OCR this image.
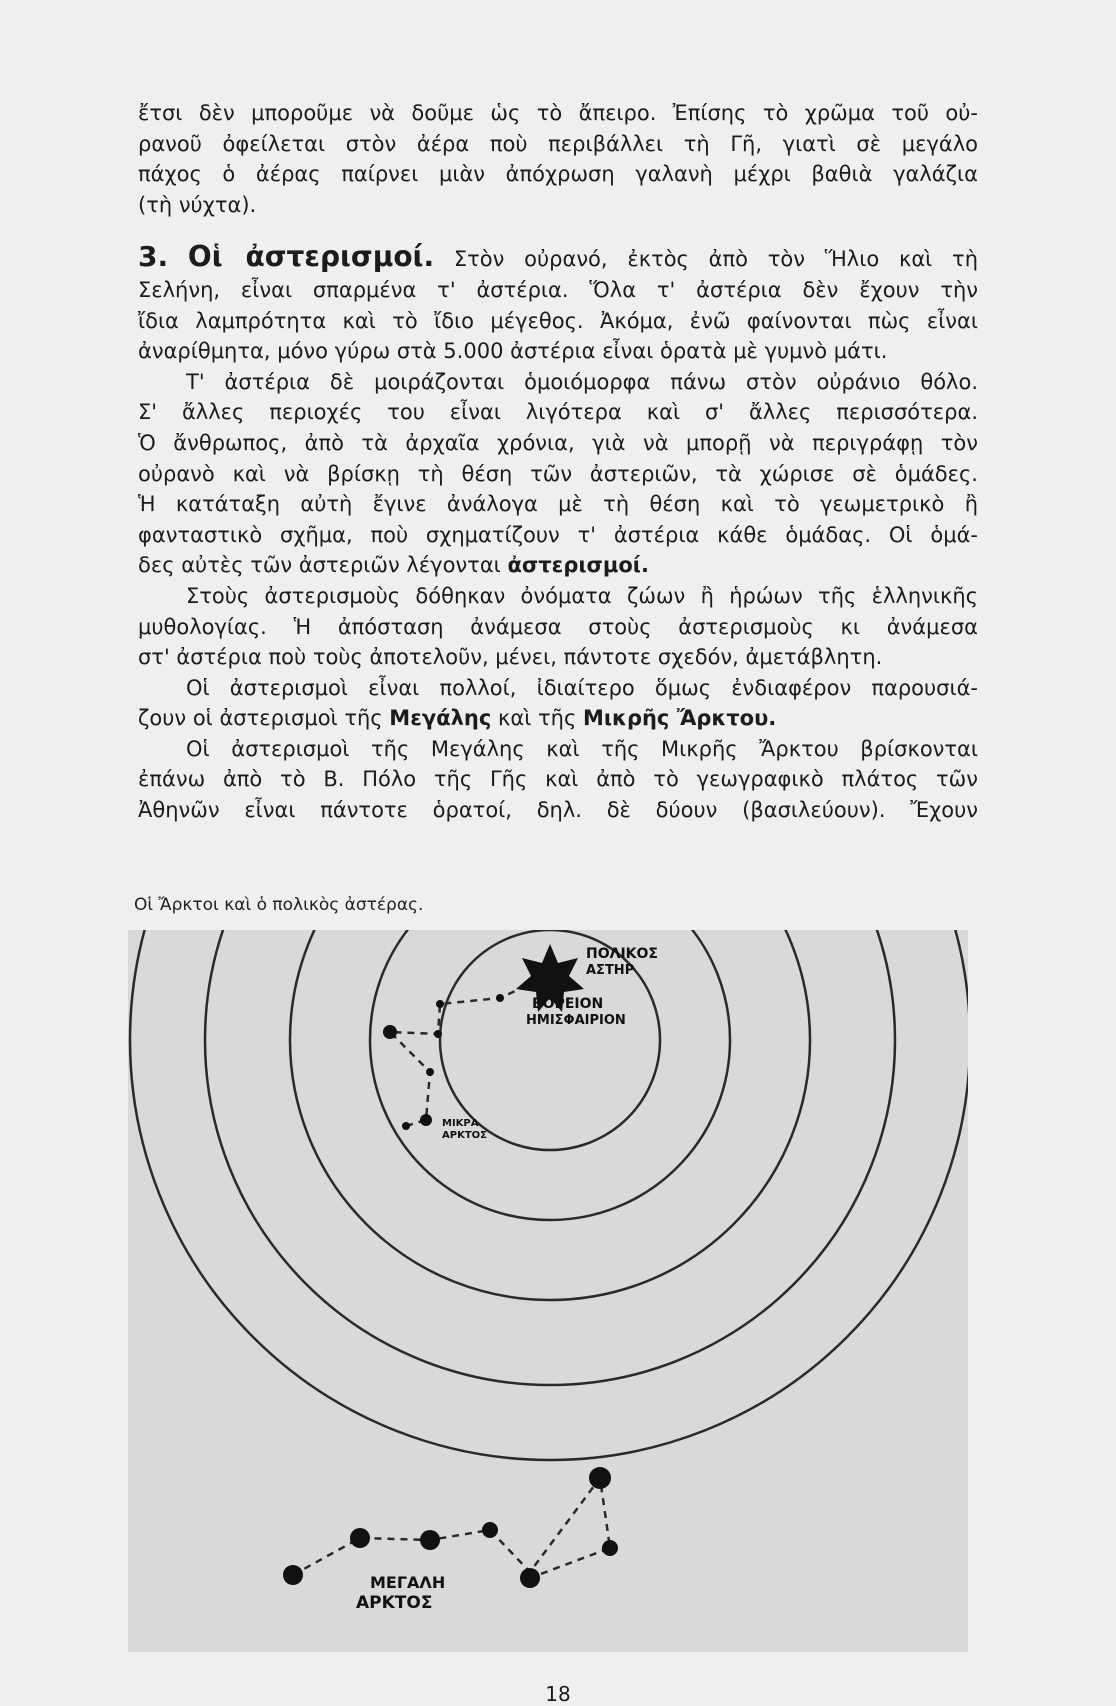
ἔτσι δὲν μποροῦμε νὰ δοῦμε ὡς τὸ ἄπειρο. Ἐπίσης τὸ χρῶμα τοῦ οὐ-

ρανοῦ ὀφείλεται στὸν ἀέρα ποὺ περιβάλλει τὴ Γῆ, γιατὶ σὲ μεγάλο

πάχος ὁ ἀέρας παίρνει μιὰν ἀπόχρωση γαλανὴ μέχρι βαθιὰ γαλάζια

(τὴ νύχτα).

3. Οἱ ἀστερισμοί. Στὸν οὐρανό, ἐκτὸς ἀπὸ τὸν Ἥλιο καὶ τὴ

Σελήνη, εἶναι σπαρμένα τ' ἀστέρια. Ὅλα τ' ἀστέρια δὲν ἔχουν τὴν

ἴδια λαμπρότητα καὶ τὸ ἴδιο μέγεθος. Ἀκόμα, ἐνῶ φαίνονται πὼς εἶναι

ἀναρίθμητα, μόνο γύρω στὰ 5.000 ἀστέρια εἶναι ὁρατὰ μὲ γυμνὸ μάτι.

Τ' ἀστέρια δὲ μοιράζονται ὁμοιόμορφα πάνω στὸν οὐράνιο θόλο.

Σ' ἄλλες περιοχές του εἶναι λιγότερα καὶ σ' ἄλλες περισσότερα.

Ὁ ἄνθρωπος, ἀπὸ τὰ ἀρχαῖα χρόνια, γιὰ νὰ μπορῇ νὰ περιγράφῃ τὸν

οὐρανὸ καὶ νὰ βρίσκῃ τὴ θέση τῶν ἀστεριῶν, τὰ χώρισε σὲ ὁμάδες.

Ἡ κατάταξη αὐτὴ ἔγινε ἀνάλογα μὲ τὴ θέση καὶ τὸ γεωμετρικὸ ἢ

φανταστικὸ σχῆμα, ποὺ σχηματίζουν τ' ἀστέρια κάθε ὁμάδας. Οἱ ὁμά-

δες αὐτὲς τῶν ἀστεριῶν λέγονται ἀστερισμοί.

Στοὺς ἀστερισμοὺς δόθηκαν ὀνόματα ζώων ἢ ἡρώων τῆς ἑλληνικῆς

μυθολογίας. Ἡ ἀπόσταση ἀνάμεσα στοὺς ἀστερισμοὺς κι ἀνάμεσα

στ' ἀστέρια ποὺ τοὺς ἀποτελοῦν, μένει, πάντοτε σχεδόν, ἀμετάβλητη.

Οἱ ἀστερισμοὶ εἶναι πολλοί, ἰδιαίτερο ὅμως ἐνδιαφέρον παρουσιά-

ζουν οἱ ἀστερισμοὶ τῆς Μεγάλης καὶ τῆς Μικρῆς Ἄρκτου.

Οἱ ἀστερισμοὶ τῆς Μεγάλης καὶ τῆς Μικρῆς Ἄρκτου βρίσκονται

ἐπάνω ἀπὸ τὸ Β. Πόλο τῆς Γῆς καὶ ἀπὸ τὸ γεωγραφικὸ πλάτος τῶν

Ἀθηνῶν εἶναι πάντοτε ὁρατοί, δηλ. δὲ δύουν (βασιλεύουν). Ἔχουν

Οἱ Ἄρκτοι καὶ ὁ πολικὸς ἀστέρας.
ΠΟΛΙΚΟΣ
ΑΣΤΗΡ
ΒΟΡΕΙΟΝ
ΗΜΙΣΦΑΙΡΙΟΝ
ΜΙΚΡΑ
ΑΡΚΤΟΣ
ΜΕΓΑΛΗ
ΑΡΚΤΟΣ
18
